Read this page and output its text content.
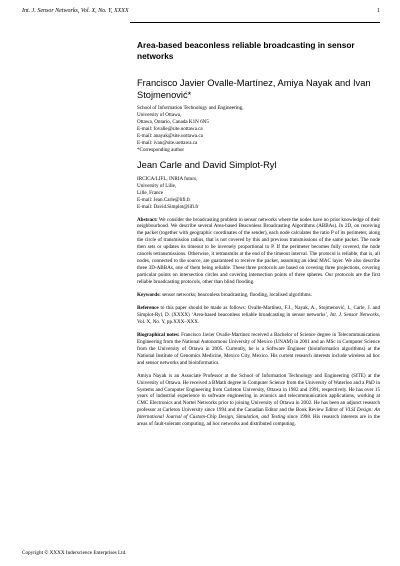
Int. J. Sensor Networks, Vol. X, No. Y, XXXX	1
Area-based beaconless reliable broadcasting in sensor networks
Francisco Javier Ovalle-Martínez, Amiya Nayak and Ivan Stojmenović*
School of Information Technology and Engineering,
University of Ottawa,
Ottawa, Ontario, Canada K1N 6N5
E-mail: fovalle@site.uottawa.ca
E-mail: anayak@site.uottawa.ca
E-mail: ivan@site.uottawa.ca
*Corresponding author
Jean Carle and David Simplot-Ryl
IRCICA/LIFL, INRIA futurs,
University of Lille,
Lille, France
E-mail: Jean.Carle@lifl.fr
E-mail: David.Simplot@lifl.fr

Abstract: We consider the broadcasting problem in sensor networks where the nodes have no prior knowledge of their neighbourhood. We describe several Area-based Beaconless Broadcasting Algorithms (ABBAs). In 2D, on receiving the packet (together with geographic coordinates of the sender), each node calculates the ratio P of its perimeter, along the circle of transmission radius, that is not covered by this and previous transmissions of the same packet. The node then sets or updates its timeout to be inversely proportional to P. If the perimeter becomes fully covered, the node cancels retransmissions. Otherwise, it retransmits at the end of the timeout interval. The protocol is reliable, that is, all nodes, connected to the source, are guaranteed to receive the packet, assuming an ideal MAC layer. We also describe three 3D-ABBAs, one of them being reliable. These three protocols are based on covering three projections, covering particular points on intersection circles and covering intersection points of three spheres. Our protocols are the first reliable broadcasting protocols, other than blind flooding.

Keywords: sensor networks; beaconless broadcasting, flooding, localised algorithms.

Reference to this paper should be made as follows: Ovalle-Martínez, F.J., Nayak, A., Stojmenović, I., Carle, J. and Simplot-Ryl, D. (XXXX) ‘Area-based beaconless reliable broadcasting in sensor networks’, Int. J. Sensor Networks, Vol. X, No. Y, pp.XXX–XXX.

Biographical notes: Francisco Javier Ovalle-Martínez received a Bachelor of Science degree in Telecommunications Engineering from the National Autonomous University of Mexico (UNAM) in 2001 and an MSc in Computer Science from the University of Ottawa in 2005. Currently, he is a Software Engineer (bioinformatics algorithms) at the National Institute of Genomics Medicine, Mexico City, Mexico. His current research interests include wireless ad hoc and sensor networks and bioinformatics.

Amiya Nayak is an Associate Professor at the School of Information Technology and Engineering (SITE) at the University of Ottawa. He received a BMath degree in Computer Science from the University of Waterloo and a PhD in Systems and Computer Engineering from Carleton University, Ottawa in 1982 and 1991, respectively. He has over 15 years of industrial experience in software engineering in avionics and telecommunication applications, working at CMC Electronics and Nortel Networks prior to joining University of Ottawa in 2002. He has been an adjunct research professor at Carleton University since 1994 and the Canadian Editor and the Book Review Editor of VLSI Design: An International Journal of Custom-Chip Design, Simulation, and Testing since 1998. His research interests are in the areas of fault-tolerant computing, ad hoc networks and distributed computing.

Copyright © XXXX Inderscience Enterprises Ltd.
